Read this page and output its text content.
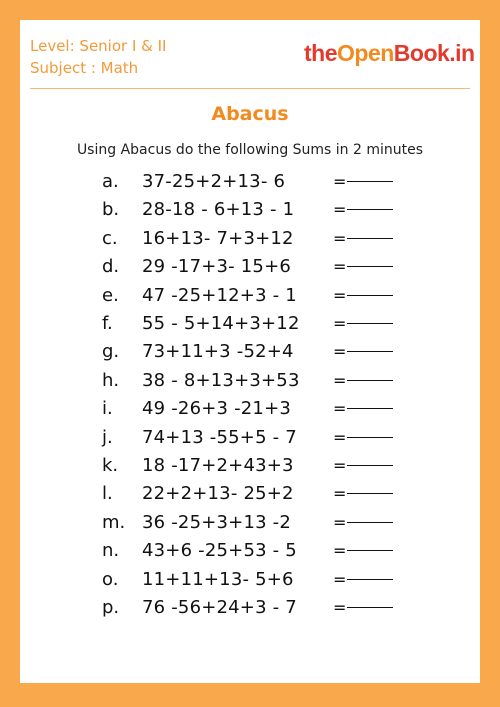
Level: Senior I & II
Subject : Math
theOpenBook.in
Abacus
Using Abacus do the following Sums in 2 minutes
a. 37-25+2+13- 6	=
b. 28-18 - 6+13 - 1 =
c. 16+13- 7+3+12 =
d. 29 -17+3- 15+6	=
e. 47 -25+12+3 - 1 =
f. 55 - 5+14+3+12 =
g. 73+11+3 -52+4 =
h. 38 - 8+13+3+53 =
i. 49 -26+3 -21+3	=
j. 74+13 -55+5 - 7 =
k. 18 -17+2+43+3 =
l. 22+2+13- 25+2 =
m. 36 -25+3+13 -2	=
n. 43+6 -25+53 - 5 =
o. 11+11+13- 5+6 =
p. 76 -56+24+3 - 7 =
Copyright © theopenbook.in. All rights reserved
